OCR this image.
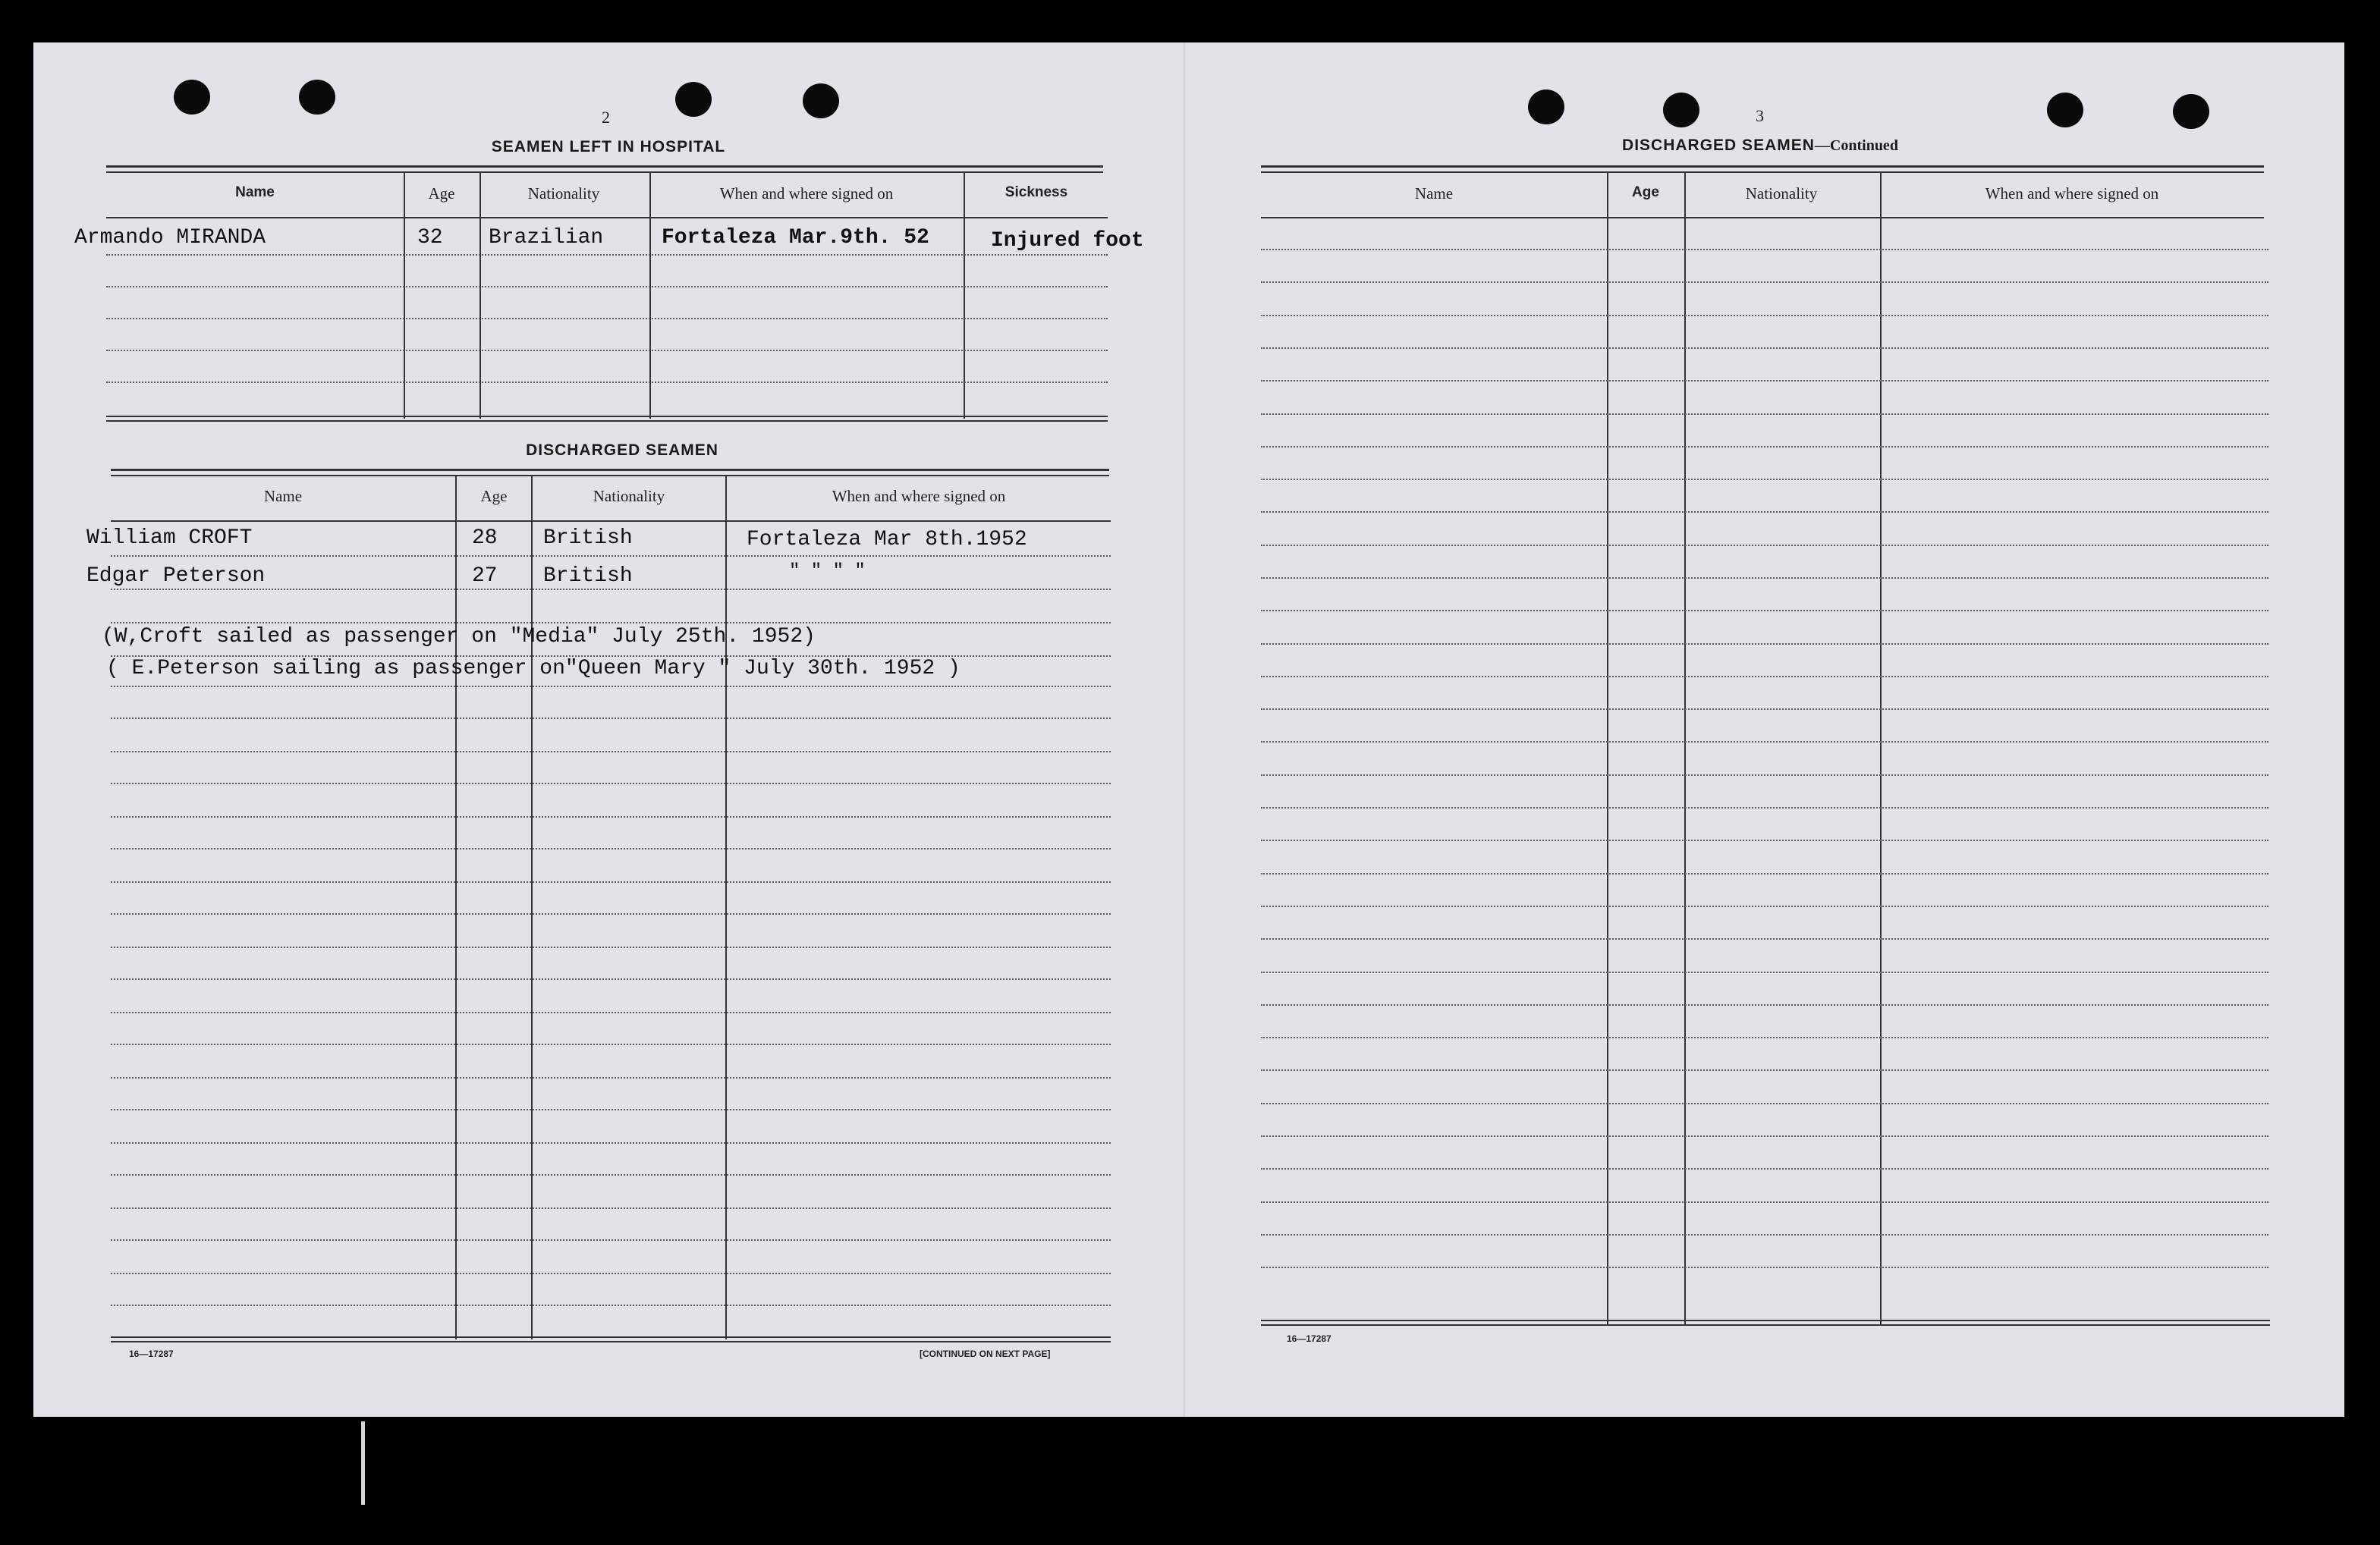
2
SEAMEN LEFT IN HOSPITAL
Name	Age	Nationality	When and where signed on	Sickness
Armando MIRANDA	32 Brazilian	Fortaleza Mar.9th. 52	Injured foot
DISCHARGED SEAMEN
Name	Age	Nationality	When and where signed on
William CROFT	28 British	Fortaleza Mar 8th.1952
Edgar Peterson	27 British	" " " "
(W,Croft sailed as passenger on "Media" July 25th. 1952)
( E.Peterson sailing as passenger on"Queen Mary " July 30th. 1952 )
16—17287	[CONTINUED ON NEXT PAGE]
3
DISCHARGED SEAMEN—Continued
Name	Age	Nationality	When and where signed on
16—17287
